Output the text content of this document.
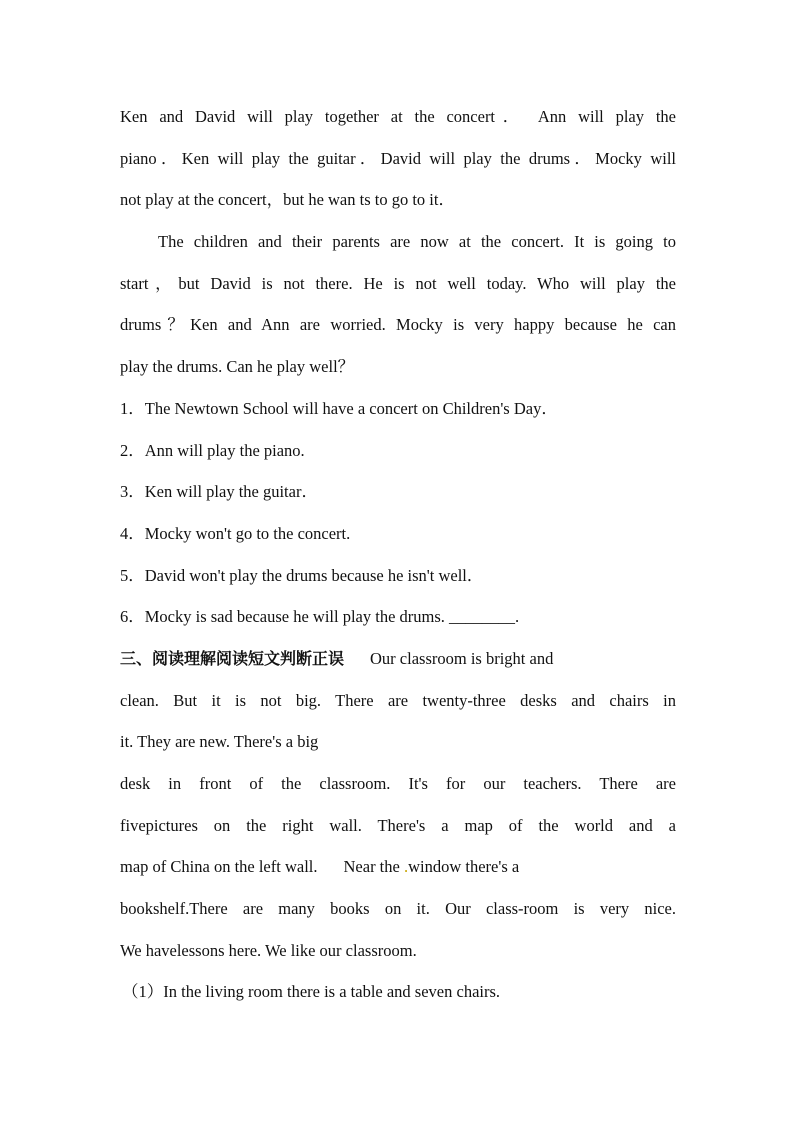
Ken and David will play together at the concert． Ann will play the
piano．Ken will play the guitar．David will play the drums．Mocky will
not play at the concert，but he wan ts to go to it．
The children and their parents are now at the concert. It is going to
start，but David is not there. He is not well today. Who will play the
drums？Ken and Ann are worried. Mocky is very happy because he can
play the drums. Can he play well？
1．The Newtown School will have a concert on Children's Day．
2．Ann will play the piano.
3．Ken will play the guitar．
4．Mocky won't go to the concert.
5．David won't play the drums because he isn't well．
6．Mocky is sad because he will play the drums. ________.
三、阅读理解阅读短文判断正误 Our classroom is bright and
clean. But it is not big. There are twenty-three desks and chairs in
it. They are new. There's a big
desk in front of the classroom. It's for our teachers. There are
fivepictures on the right wall. There's a map of the world and a
map of China on the left wall. Near the .window there's a
bookshelf.There are many books on it. Our class-room is very nice.
We havelessons here. We like our classroom.
（1）In the living room there is a table and seven chairs.
